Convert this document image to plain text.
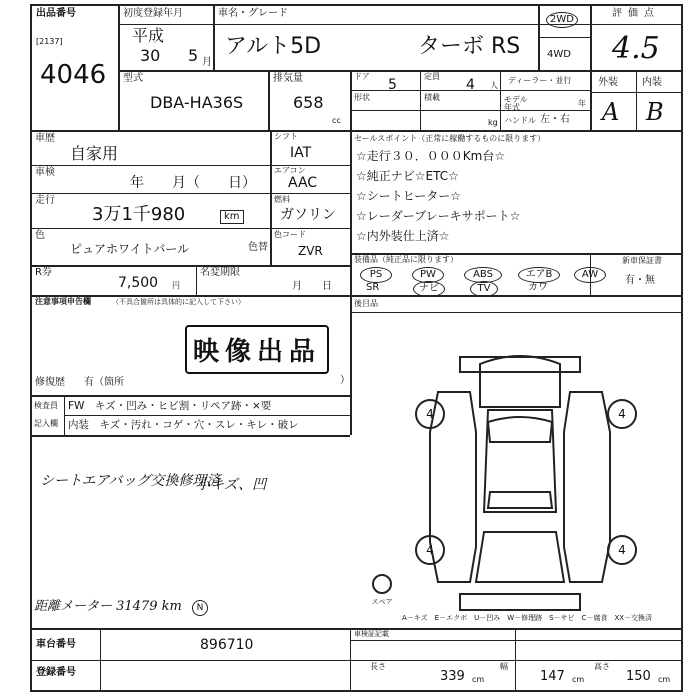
出品番号
[2137]
4046
初度登録年月
平成
30 5 月
車名・グレード
アルト5D	ターボ RS
2WD
4WD
評価点
4.5
型式
DBA-HA36S
排気量
658
cc
ドア
5
定員
4 人
ディーラー・並行
形状	積載
kg
モデル年式	年
ハンドル 左・右
外装 内装
A B
車歴
自家用
車検
年　　月（　　日）
走行
3万1千980	km
色
ピュアホワイトパール	色替
R券
7,500 円
名変期限
月　　日
シフト
IAT
エアコン
AAC
燃料
ガソリン
色コード
ZVR
セールスポイント（正常に稼働するものに限ります）
☆走行３０．０００Km台☆
☆純正ナビ☆ETC☆
☆シートヒーター☆
☆レーダーブレーキサポート☆
☆内外装仕上済☆
装備品（純正品に限ります）
PS	PW	ABS	エアB	AW
SR	ナビ	TV	カワ
新車保証書
有・無
後目品
注意事項申告欄	（不具合箇所は具体的に記入して下さい）
映像出品
修復歴 有（箇所	）
検査員
記入欄
FW　キズ・凹み・ヒビ割・リペア跡・×要
内装　キズ・汚れ・コゲ・穴・スレ・キレ・破レ
シートエアバッグ交換修理済
小キズ、凹
距離メーター 31479 km	N
4	4
4	4
スペア
A－キズ　E－エクボ　U－凹み　W－修理跡　S－サビ　C－腐食　XX－交換済
車台番号	896710
登録番号
車検証記載
長さ
339 cm
幅
147 cm
高さ
150 cm
